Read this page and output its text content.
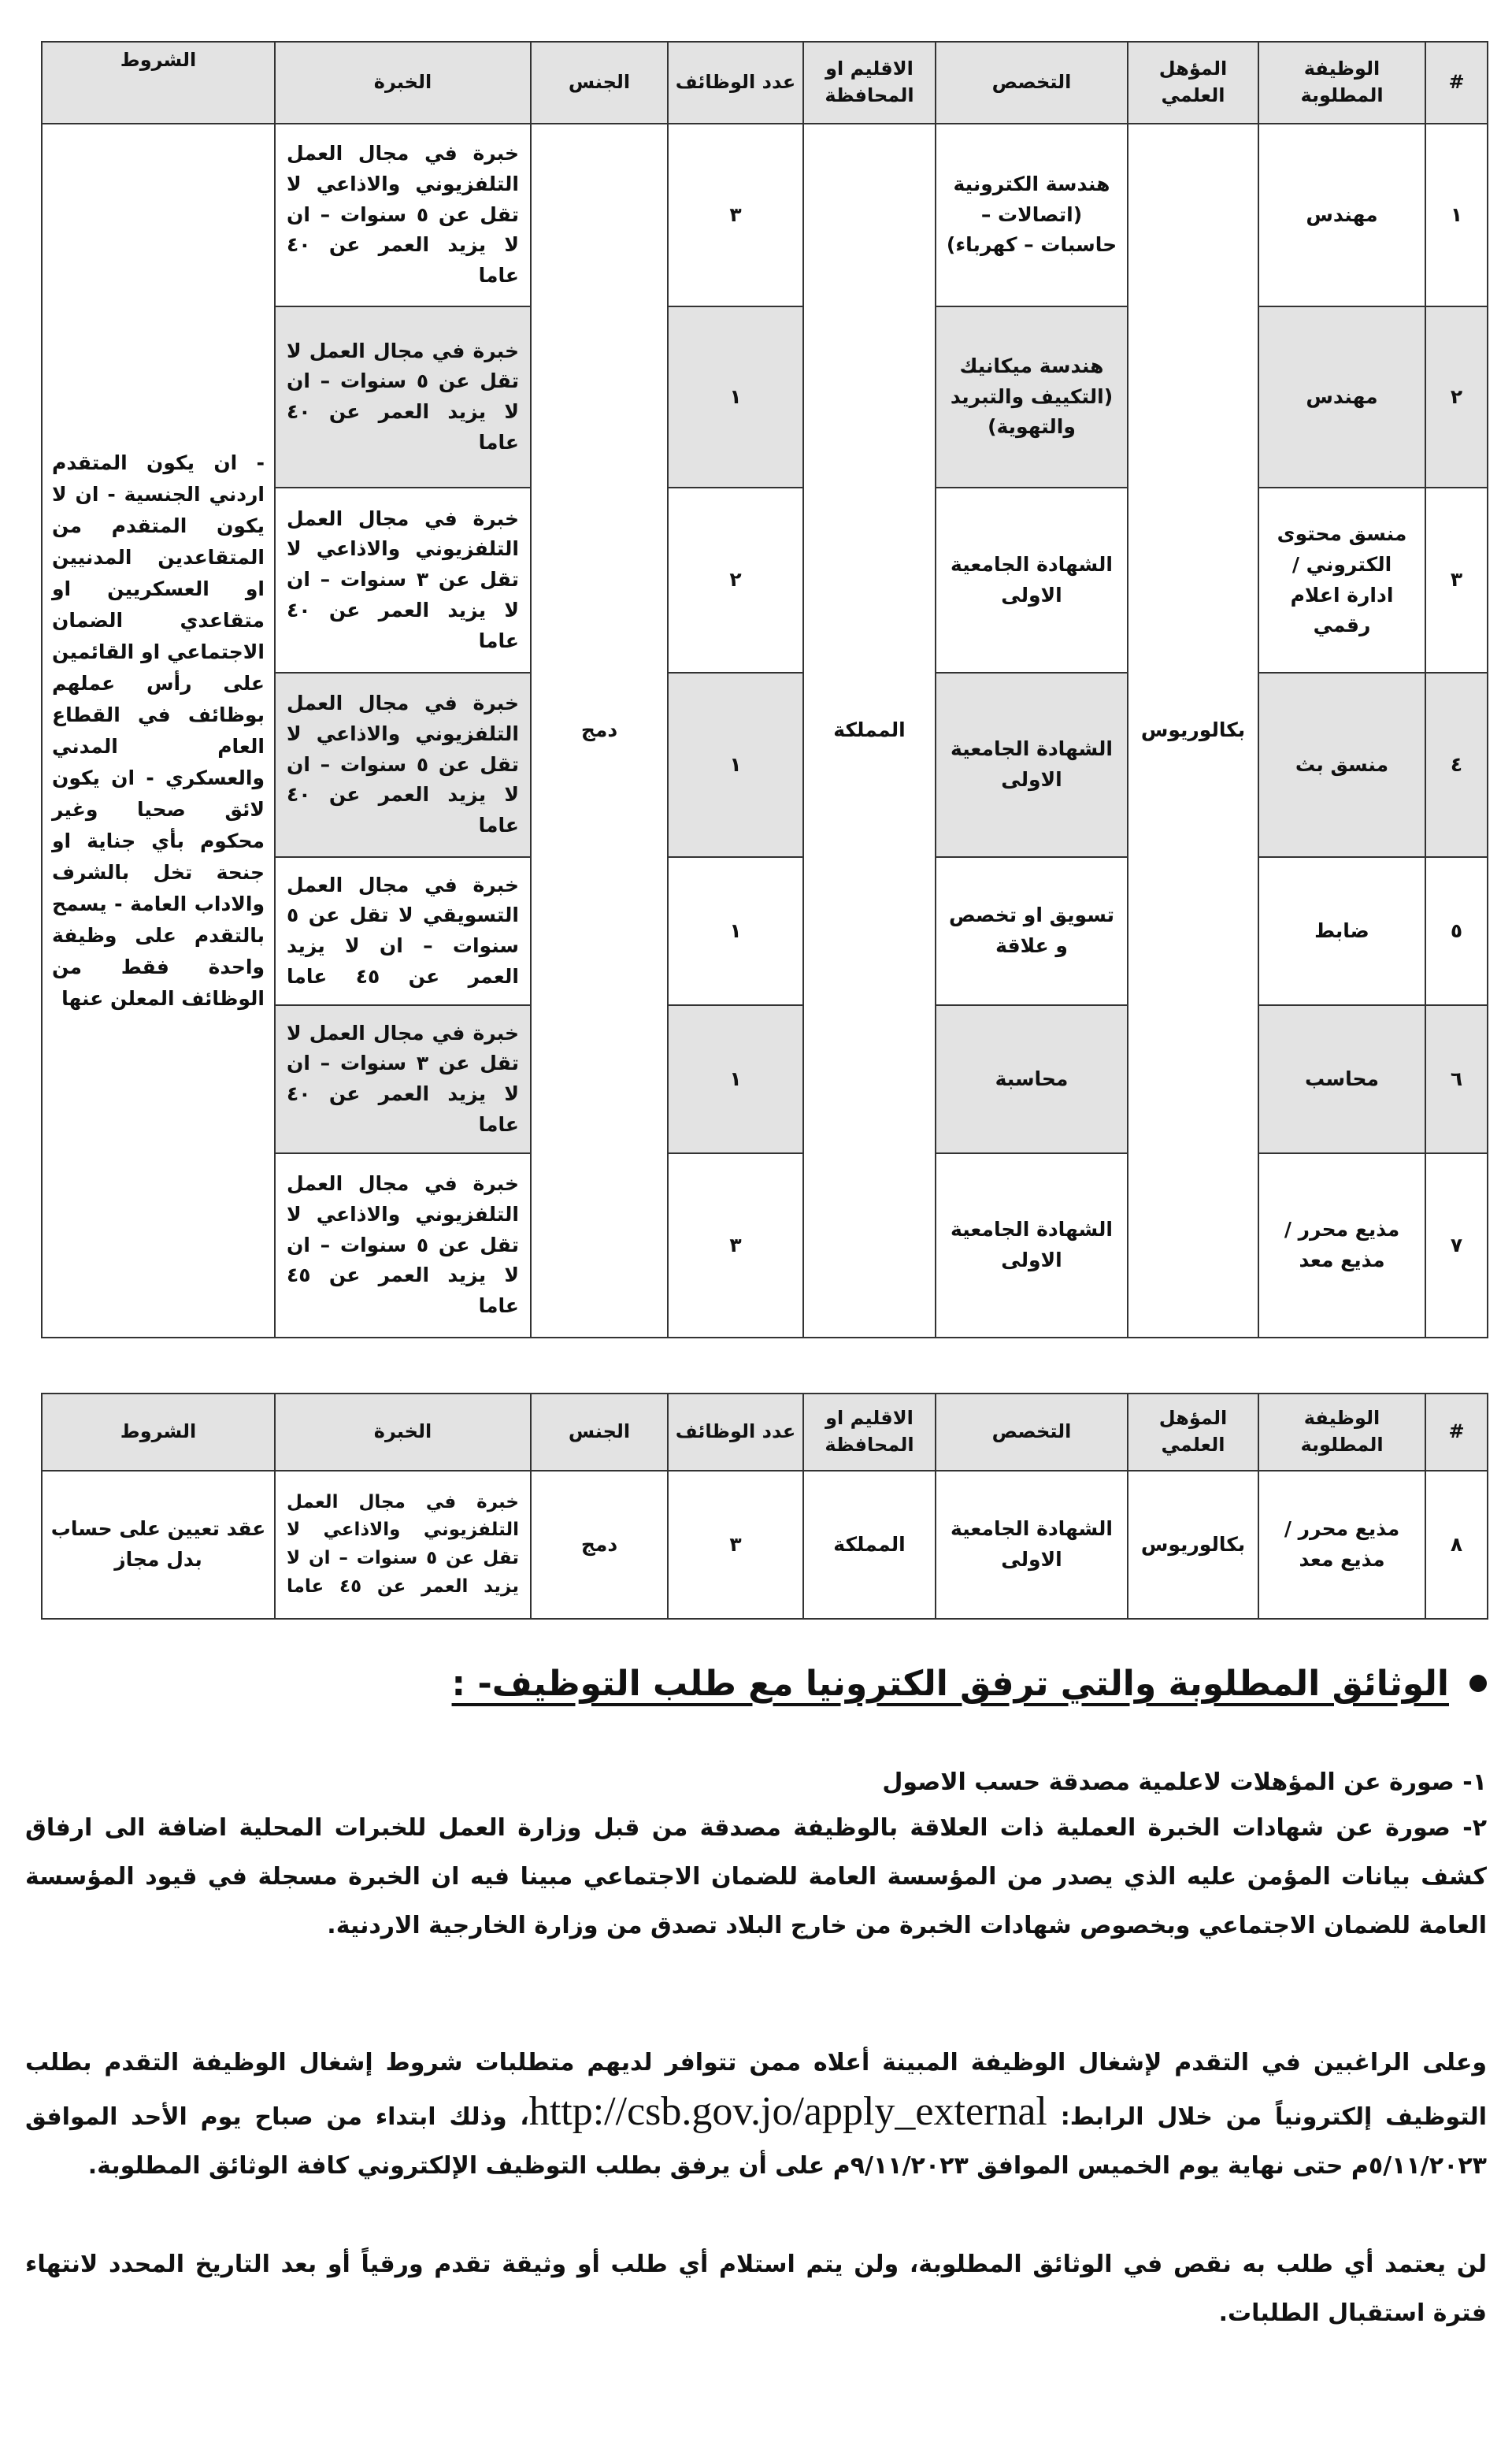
#	الوظيفة المطلوبة	المؤهل العلمي	التخصص	الاقليم او المحافظة	عدد الوظائف	الجنس	الخبرة	الشروط
١	مهندس	بكالوريوس	هندسة الكترونية (اتصالات – حاسبات – كهرباء)	المملكة	٣	دمج	خبرة في مجال العمل التلفزيوني والاذاعي لا تقل عن ٥ سنوات – ان لا يزيد العمر عن ٤٠ عاما	- ان يكون المتقدم اردني الجنسية - ان لا يكون المتقدم من المتقاعدين المدنيين او العسكريين او متقاعدي الضمان الاجتماعي او القائمين على رأس عملهم بوظائف في القطاع العام المدني والعسكري - ان يكون لائق صحيا وغير محكوم بأي جناية او جنحة تخل بالشرف والاداب العامة - يسمح بالتقدم على وظيفة واحدة فقط من الوظائف المعلن عنها
٢	مهندس		هندسة ميكانيك (التكييف والتبريد والتهوية)		١		خبرة في مجال العمل لا تقل عن ٥ سنوات – ان لا يزيد العمر عن ٤٠ عاما	
٣	منسق محتوى الكتروني / ادارة اعلام رقمي		الشهادة الجامعية الاولى		٢		خبرة في مجال العمل التلفزيوني والاذاعي لا تقل عن ٣ سنوات – ان لا يزيد العمر عن ٤٠ عاما	
٤	منسق بث		الشهادة الجامعية الاولى		١		خبرة في مجال العمل التلفزيوني والاذاعي لا تقل عن ٥ سنوات – ان لا يزيد العمر عن ٤٠ عاما	
٥	ضابط		تسويق او تخصص و علاقة		١		خبرة في مجال العمل التسويقي لا تقل عن ٥ سنوات – ان لا يزيد العمر عن ٤٥ عاما	
٦	محاسب		محاسبة		١		خبرة في مجال العمل لا تقل عن ٣ سنوات – ان لا يزيد العمر عن ٤٠ عاما	
٧	مذيع محرر / مذيع معد		الشهادة الجامعية الاولى		٣		خبرة في مجال العمل التلفزيوني والاذاعي لا تقل عن ٥ سنوات – ان لا يزيد العمر عن ٤٥ عاما	
#	الوظيفة المطلوبة	المؤهل العلمي	التخصص	الاقليم او المحافظة	عدد الوظائف	الجنس	الخبرة	الشروط
٨	مذيع محرر / مذيع معد	بكالوريوس	الشهادة الجامعية الاولى	المملكة	٣	دمج	خبرة في مجال العمل التلفزيوني والاذاعي لا تقل عن ٥ سنوات – ان لا يزيد العمر عن ٤٥ عاما	عقد تعيين على حساب بدل مجاز
الوثائق المطلوبة والتي ترفق الكترونيا مع طلب التوظيف- :
١- صورة عن المؤهلات لاعلمية مصدقة حسب الاصول
٢- صورة عن شهادات الخبرة العملية ذات العلاقة بالوظيفة مصدقة من قبل وزارة العمل للخبرات المحلية اضافة الى ارفاق كشف بيانات المؤمن عليه الذي يصدر من المؤسسة العامة للضمان الاجتماعي مبينا فيه ان الخبرة مسجلة في قيود المؤسسة العامة للضمان الاجتماعي وبخصوص شهادات الخبرة من خارج البلاد تصدق من وزارة الخارجية الاردنية.
وعلى الراغبين في التقدم لإشغال الوظيفة المبينة أعلاه ممن تتوافر لديهم متطلبات شروط إشغال الوظيفة التقدم بطلب التوظيف إلكترونياً من خلال الرابط: http://csb.gov.jo/apply_external، وذلك ابتداء من صباح يوم الأحد الموافق ٥/١١/٢٠٢٣م حتى نهاية يوم الخميس الموافق ٩/١١/٢٠٢٣م على أن يرفق بطلب التوظيف الإلكتروني كافة الوثائق المطلوبة.
لن يعتمد أي طلب به نقص في الوثائق المطلوبة، ولن يتم استلام أي طلب أو وثيقة تقدم ورقياً أو بعد التاريخ المحدد لانتهاء فترة استقبال الطلبات.
